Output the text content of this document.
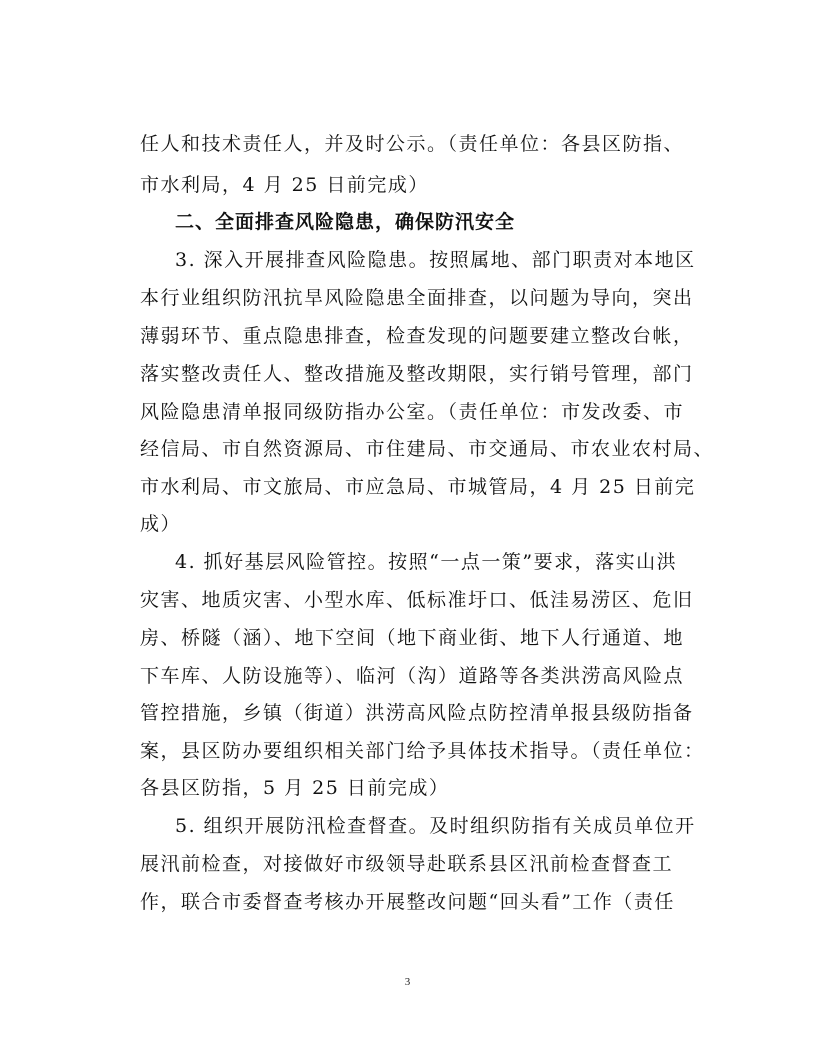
任人和技术责任人，并及时公示。（责任单位：各县区防指、
市水利局，4 月 25 日前完成）
二、全面排查风险隐患，确保防汛安全
3. 深入开展排查风险隐患。按照属地、部门职责对本地区
本行业组织防汛抗旱风险隐患全面排查，以问题为导向，突出
薄弱环节、重点隐患排查，检查发现的问题要建立整改台帐，
落实整改责任人、整改措施及整改期限，实行销号管理，部门
风险隐患清单报同级防指办公室。（责任单位：市发改委、市
经信局、市自然资源局、市住建局、市交通局、市农业农村局、
市水利局、市文旅局、市应急局、市城管局，4 月 25 日前完
成）
4. 抓好基层风险管控。按照“一点一策”要求，落实山洪
灾害、地质灾害、小型水库、低标准圩口、低洼易涝区、危旧
房、桥隧（涵）、地下空间（地下商业街、地下人行通道、地
下车库、人防设施等）、临河（沟）道路等各类洪涝高风险点
管控措施，乡镇（街道）洪涝高风险点防控清单报县级防指备
案，县区防办要组织相关部门给予具体技术指导。（责任单位：
各县区防指，5 月 25 日前完成）
5. 组织开展防汛检查督查。及时组织防指有关成员单位开
展汛前检查，对接做好市级领导赴联系县区汛前检查督查工
作，联合市委督查考核办开展整改问题“回头看”工作（责任
3
